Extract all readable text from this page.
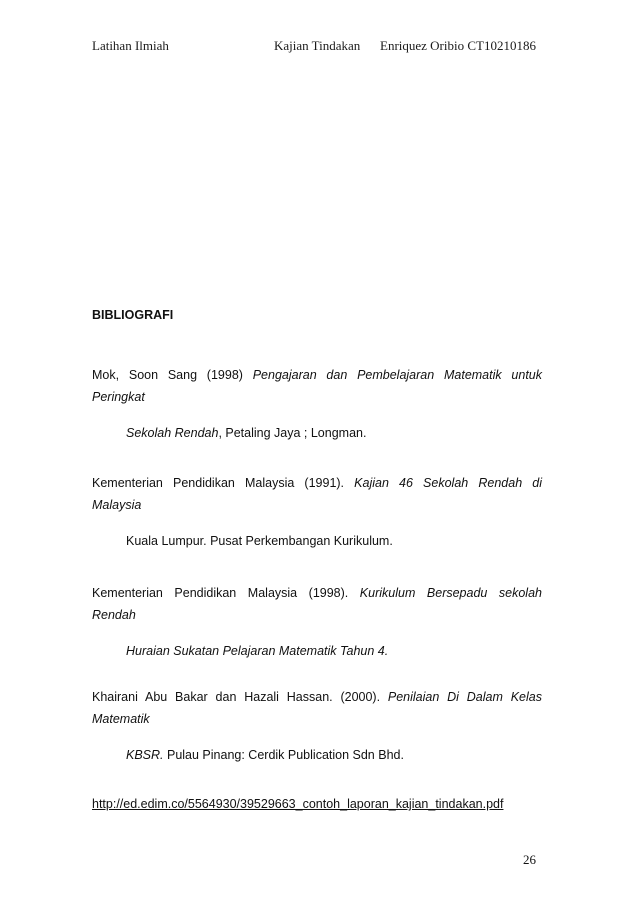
Latihan Ilmiah	Kajian Tindakan Enriquez Oribio CT10210186
BIBLIOGRAFI
Mok, Soon Sang (1998) Pengajaran dan Pembelajaran Matematik untuk
Peringkat
Sekolah Rendah, Petaling Jaya ; Longman.
Kementerian Pendidikan Malaysia (1991). Kajian 46 Sekolah Rendah di
Malaysia
Kuala Lumpur. Pusat Perkembangan Kurikulum.
Kementerian Pendidikan Malaysia (1998). Kurikulum Bersepadu sekolah
Rendah
Huraian Sukatan Pelajaran Matematik Tahun 4.
Khairani Abu Bakar dan Hazali Hassan. (2000). Penilaian Di Dalam Kelas
Matematik
KBSR. Pulau Pinang: Cerdik Publication Sdn Bhd.
http://ed.edim.co/5564930/39529663_contoh_laporan_kajian_tindakan.pdf
26
